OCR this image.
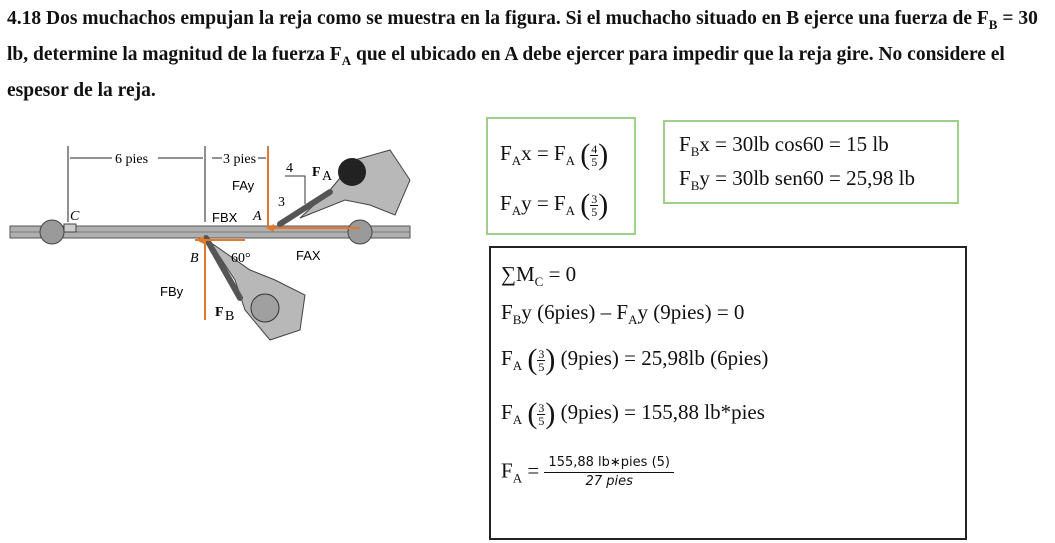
4.18 Dos muchachos empujan la reja como se muestra en la figura. Si el muchacho situado en B ejerce una fuerza de $F_B = 30$ lb, determine la magnitud de la fuerza $F_A$ que el ubicado en A debe ejercer para impedir que la reja gire. No considere el espesor de la reja.
6 pies	3 pies
C
4
3
F A
F B
FAy
FBX A
B 60°	FAX
FBy
$F_Ax = F_A$ ( $\frac{4}{5}$ )
$F_Ay = F_A$ ( $\frac{3}{5}$ )
$F_Bx = 30lb$ cos60 = 15 lb
$F_By = 30lb$ sen60 = 25,98 lb
$\sum M_C = 0$
$F_By$ (6pies) – $F_Ay$ (9pies) = 0
$F_A$ ( $\frac{3}{5}$ ) (9pies) = 25,98lb (6pies)
$F_A$ ( $\frac{3}{5}$ ) (9pies) = 155,88 lb*pies
$F_A = 155,88$ lb∗pies (5)
27 pies
